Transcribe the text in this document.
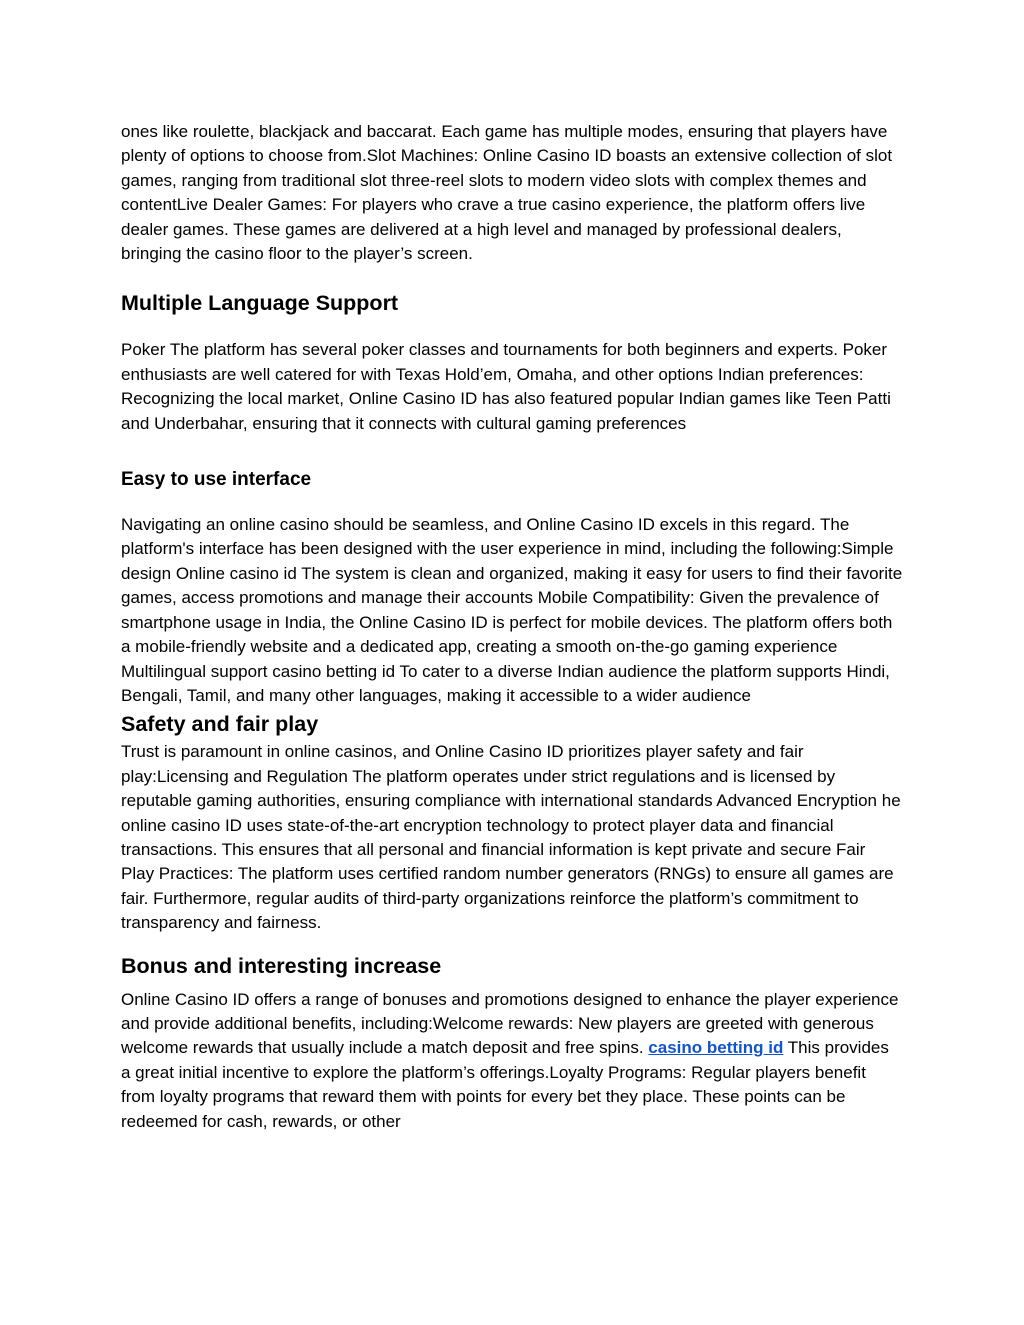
ones like roulette, blackjack and baccarat. Each game has multiple modes, ensuring that players have plenty of options to choose from.Slot Machines: Online Casino ID boasts an extensive collection of slot games, ranging from traditional slot three-reel slots to modern video slots with complex themes and contentLive Dealer Games: For players who crave a true casino experience, the platform offers live dealer games. These games are delivered at a high level and managed by professional dealers, bringing the casino floor to the player’s screen.

Multiple Language Support

Poker The platform has several poker classes and tournaments for both beginners and experts. Poker enthusiasts are well catered for with Texas Hold’em, Omaha, and other options Indian preferences: Recognizing the local market, Online Casino ID has also featured popular Indian games like Teen Patti and Underbahar, ensuring that it connects with cultural gaming preferences

Easy to use interface

Navigating an online casino should be seamless, and Online Casino ID excels in this regard. The platform's interface has been designed with the user experience in mind, including the following:Simple design Online casino id The system is clean and organized, making it easy for users to find their favorite games, access promotions and manage their accounts Mobile Compatibility: Given the prevalence of smartphone usage in India, the Online Casino ID is perfect for mobile devices. The platform offers both a mobile-friendly website and a dedicated app, creating a smooth on-the-go gaming experience Multilingual support casino betting id To cater to a diverse Indian audience the platform supports Hindi, Bengali, Tamil, and many other languages, making it accessible to a wider audience

Safety and fair play

Trust is paramount in online casinos, and Online Casino ID prioritizes player safety and fair play:Licensing and Regulation The platform operates under strict regulations and is licensed by reputable gaming authorities, ensuring compliance with international standards Advanced Encryption he online casino ID uses state-of-the-art encryption technology to protect player data and financial transactions. This ensures that all personal and financial information is kept private and secure Fair Play Practices: The platform uses certified random number generators (RNGs) to ensure all games are fair. Furthermore, regular audits of third-party organizations reinforce the platform’s commitment to transparency and fairness.

Bonus and interesting increase

Online Casino ID offers a range of bonuses and promotions designed to enhance the player experience and provide additional benefits, including:Welcome rewards: New players are greeted with generous welcome rewards that usually include a match deposit and free spins. casino betting id This provides a great initial incentive to explore the platform’s offerings.Loyalty Programs: Regular players benefit from loyalty programs that reward them with points for every bet they place. These points can be redeemed for cash, rewards, or other
